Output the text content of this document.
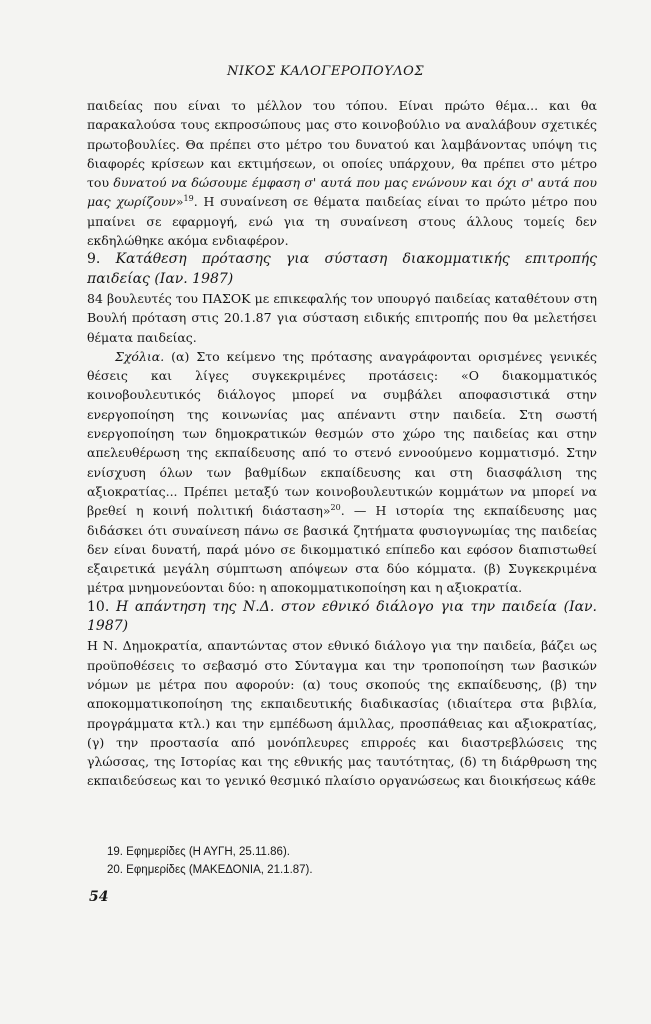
ΝΙΚΟΣ ΚΑΛΟΓΕΡΟΠΟΥΛΟΣ

παιδείας που είναι το μέλλον του τόπου. Είναι πρώτο θέμα... και θα παρακαλούσα τους εκπροσώπους μας στο κοινοβούλιο να αναλάβουν σχετικές πρωτοβουλίες. Θα πρέπει στο μέτρο του δυνατού και λαμβάνοντας υπόψη τις διαφορές κρίσεων και εκτιμήσεων, οι οποίες υπάρχουν, θα πρέπει στο μέτρο του δυνατού να δώσουμε έμφαση σ' αυτά που μας ενώνουν και όχι σ' αυτά που μας χωρίζουν»$^{19}$. Η συναίνεση σε θέματα παιδείας είναι το πρώτο μέτρο που μπαίνει σε εφαρμογή, ενώ για τη συναίνεση στους άλλους τομείς δεν εκδηλώθηκε ακόμα ενδιαφέρον.

9. Κατάθεση πρότασης για σύσταση διακομματικής επιτροπής παιδείας (Ιαν. 1987)

84 βουλευτές του ΠΑΣΟΚ με επικεφαλής τον υπουργό παιδείας καταθέτουν στη Βουλή πρόταση στις 20.1.87 για σύσταση ειδικής επιτροπής που θα μελετήσει θέματα παιδείας.

Σχόλια. (α) Στο κείμενο της πρότασης αναγράφονται ορισμένες γενικές θέσεις και λίγες συγκεκριμένες προτάσεις: «Ο διακομματικός κοινοβουλευτικός διάλογος μπορεί να συμβάλει αποφασιστικά στην ενεργοποίηση της κοινωνίας μας απέναντι στην παιδεία. Στη σωστή ενεργοποίηση των δημοκρατικών θεσμών στο χώρο της παιδείας και στην απελευθέρωση της εκπαίδευσης από το στενό εννοούμενο κομματισμό. Στην ενίσχυση όλων των βαθμίδων εκπαίδευσης και στη διασφάλιση της αξιοκρατίας... Πρέπει μεταξύ των κοινοβουλευτικών κομμάτων να μπορεί να βρεθεί η κοινή πολιτική διάσταση»$^{20}$. — Η ιστορία της εκπαίδευσης μας διδάσκει ότι συναίνεση πάνω σε βασικά ζητήματα φυσιογνωμίας της παιδείας δεν είναι δυνατή, παρά μόνο σε δικομματικό επίπεδο και εφόσον διαπιστωθεί εξαιρετικά μεγάλη σύμπτωση απόψεων στα δύο κόμματα. (β) Συγκεκριμένα μέτρα μνημονεύονται δύο: η αποκομματικοποίηση και η αξιοκρατία.

10. Η απάντηση της Ν.Δ. στον εθνικό διάλογο για την παιδεία (Ιαν. 1987)

Η Ν. Δημοκρατία, απαντώντας στον εθνικό διάλογο για την παιδεία, βάζει ως προϋποθέσεις το σεβασμό στο Σύνταγμα και την τροποποίηση των βασικών νόμων με μέτρα που αφορούν: (α) τους σκοπούς της εκπαίδευσης, (β) την αποκομματικοποίηση της εκπαιδευτικής διαδικασίας (ιδιαίτερα στα βιβλία, προγράμματα κτλ.) και την εμπέδωση άμιλλας, προσπάθειας και αξιοκρατίας, (γ) την προστασία από μονόπλευρες επιρροές και διαστρεβλώσεις της γλώσσας, της Ιστορίας και της εθνικής μας ταυτότητας, (δ) τη διάρθρωση της εκπαιδεύσεως και το γενικό θεσμικό πλαίσιο οργανώσεως και διοικήσεως κάθε

19. Εφημερίδες (Η ΑΥΓΗ, 25.11.86).
20. Εφημερίδες (ΜΑΚΕΔΟΝΙΑ, 21.1.87).
54
